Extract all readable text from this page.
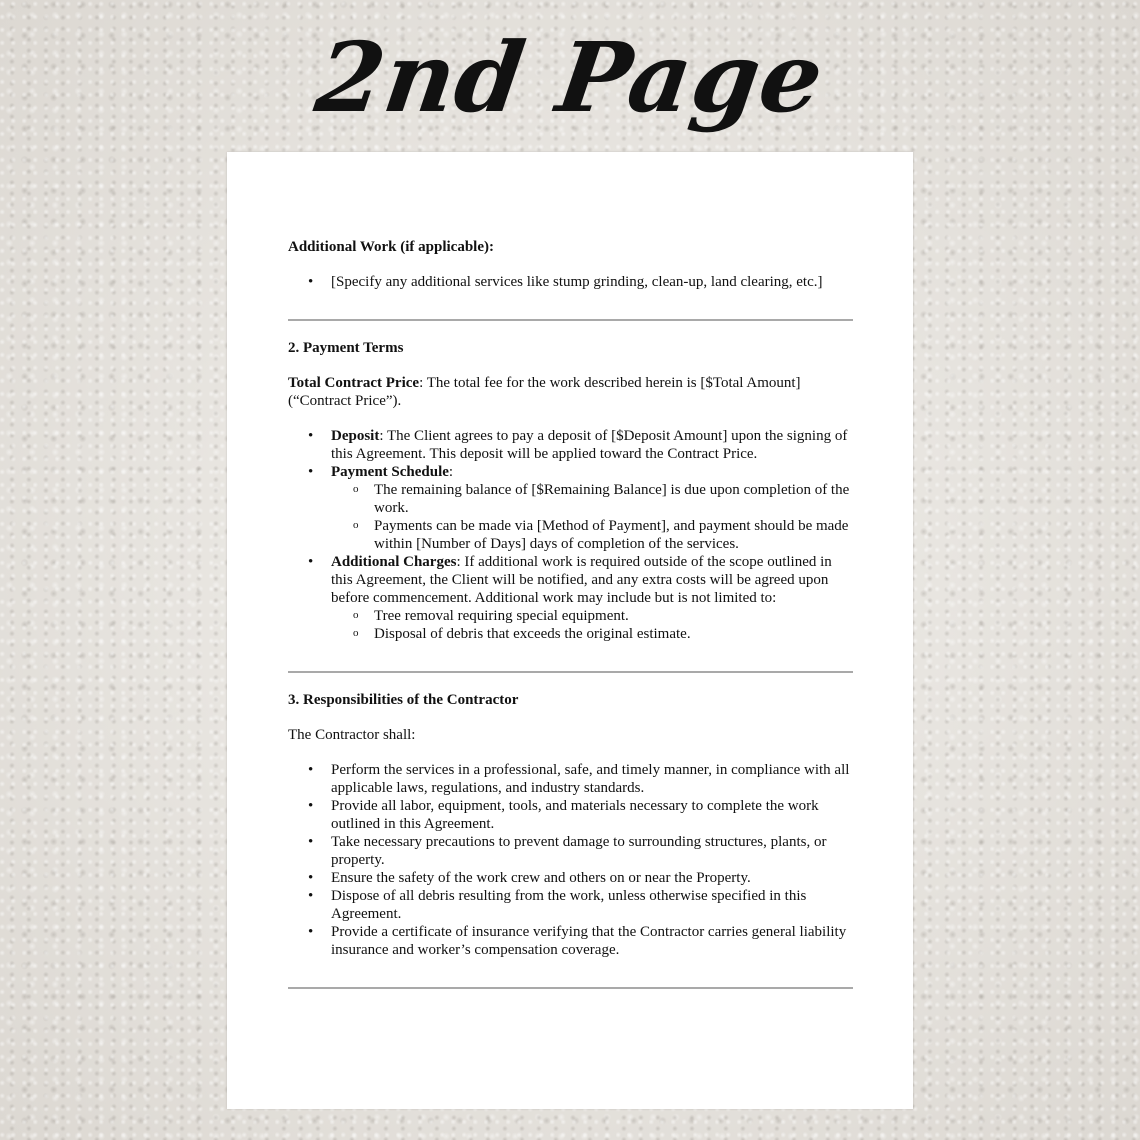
2nd Page

Additional Work (if applicable):

• [Specify any additional services like stump grinding, clean-up, land clearing, etc.]

2. Payment Terms

Total Contract Price: The total fee for the work described herein is [$Total Amount] (“Contract Price”).

• Deposit: The Client agrees to pay a deposit of [$Deposit Amount] upon the signing of this Agreement. This deposit will be applied toward the Contract Price.
• Payment Schedule:
o The remaining balance of [$Remaining Balance] is due upon completion of the work.
o Payments can be made via [Method of Payment], and payment should be made within [Number of Days] days of completion of the services.
• Additional Charges: If additional work is required outside of the scope outlined in this Agreement, the Client will be notified, and any extra costs will be agreed upon before commencement. Additional work may include but is not limited to:
o Tree removal requiring special equipment.
o Disposal of debris that exceeds the original estimate.

3. Responsibilities of the Contractor

The Contractor shall:

• Perform the services in a professional, safe, and timely manner, in compliance with all applicable laws, regulations, and industry standards.
• Provide all labor, equipment, tools, and materials necessary to complete the work outlined in this Agreement.
• Take necessary precautions to prevent damage to surrounding structures, plants, or property.
• Ensure the safety of the work crew and others on or near the Property.
• Dispose of all debris resulting from the work, unless otherwise specified in this Agreement.
• Provide a certificate of insurance verifying that the Contractor carries general liability insurance and worker’s compensation coverage.
